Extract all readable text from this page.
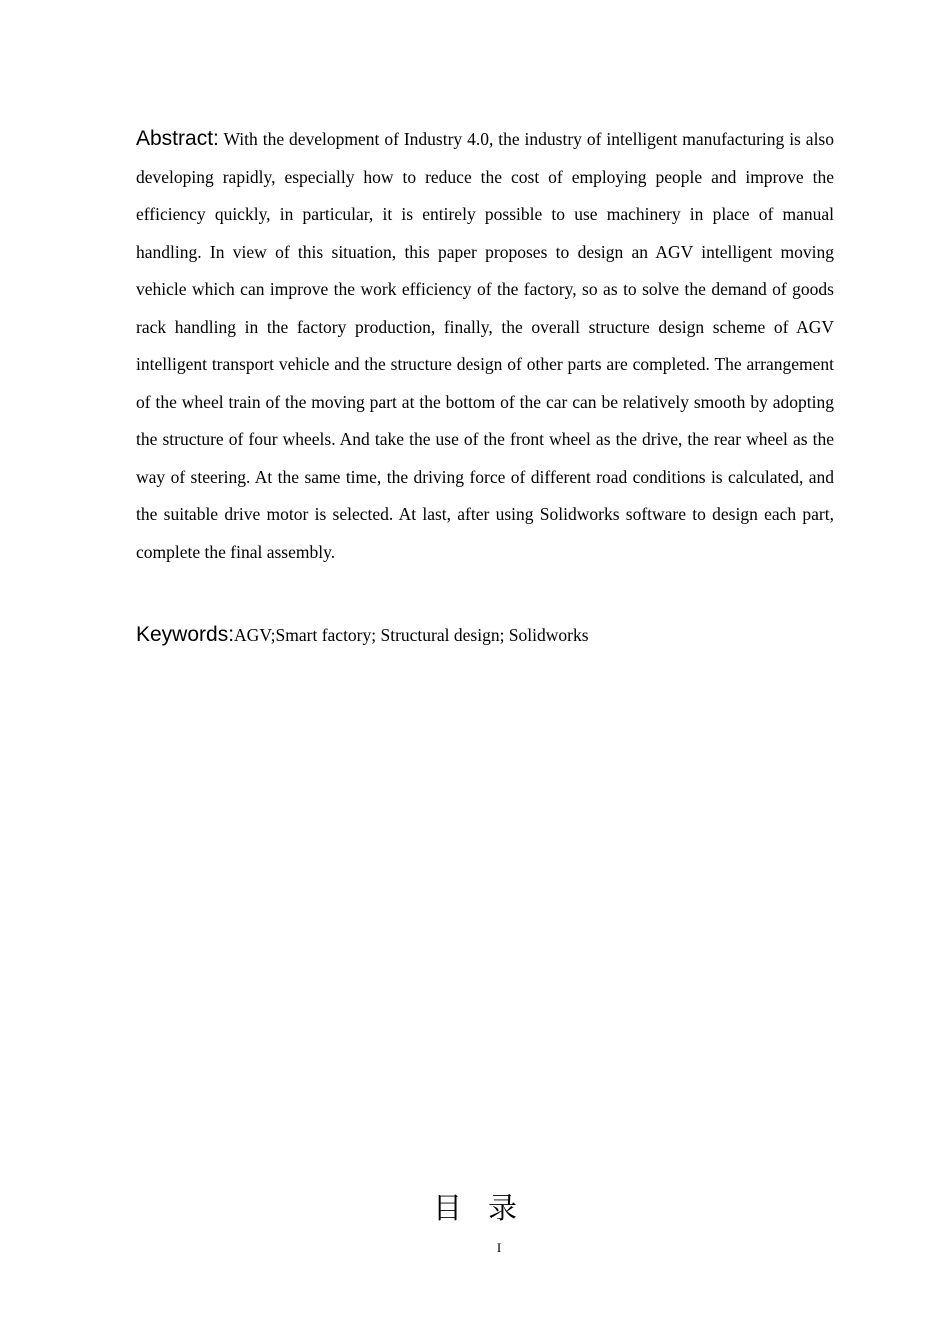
Abstract: With the development of Industry 4.0, the industry of intelligent manufacturing is also developing rapidly, especially how to reduce the cost of employing people and improve the efficiency quickly, in particular, it is entirely possible to use machinery in place of manual handling. In view of this situation, this paper proposes to design an AGV intelligent moving vehicle which can improve the work efficiency of the factory, so as to solve the demand of goods rack handling in the factory production, finally, the overall structure design scheme of AGV intelligent transport vehicle and the structure design of other parts are completed. The arrangement of the wheel train of the moving part at the bottom of the car can be relatively smooth by adopting the structure of four wheels. And take the use of the front wheel as the drive, the rear wheel as the way of steering. At the same time, the driving force of different road conditions is calculated, and the suitable drive motor is selected. At last, after using Solidworks software to design each part, complete the final assembly.
Keywords:AGV;Smart factory; Structural design; Solidworks
目录
I
